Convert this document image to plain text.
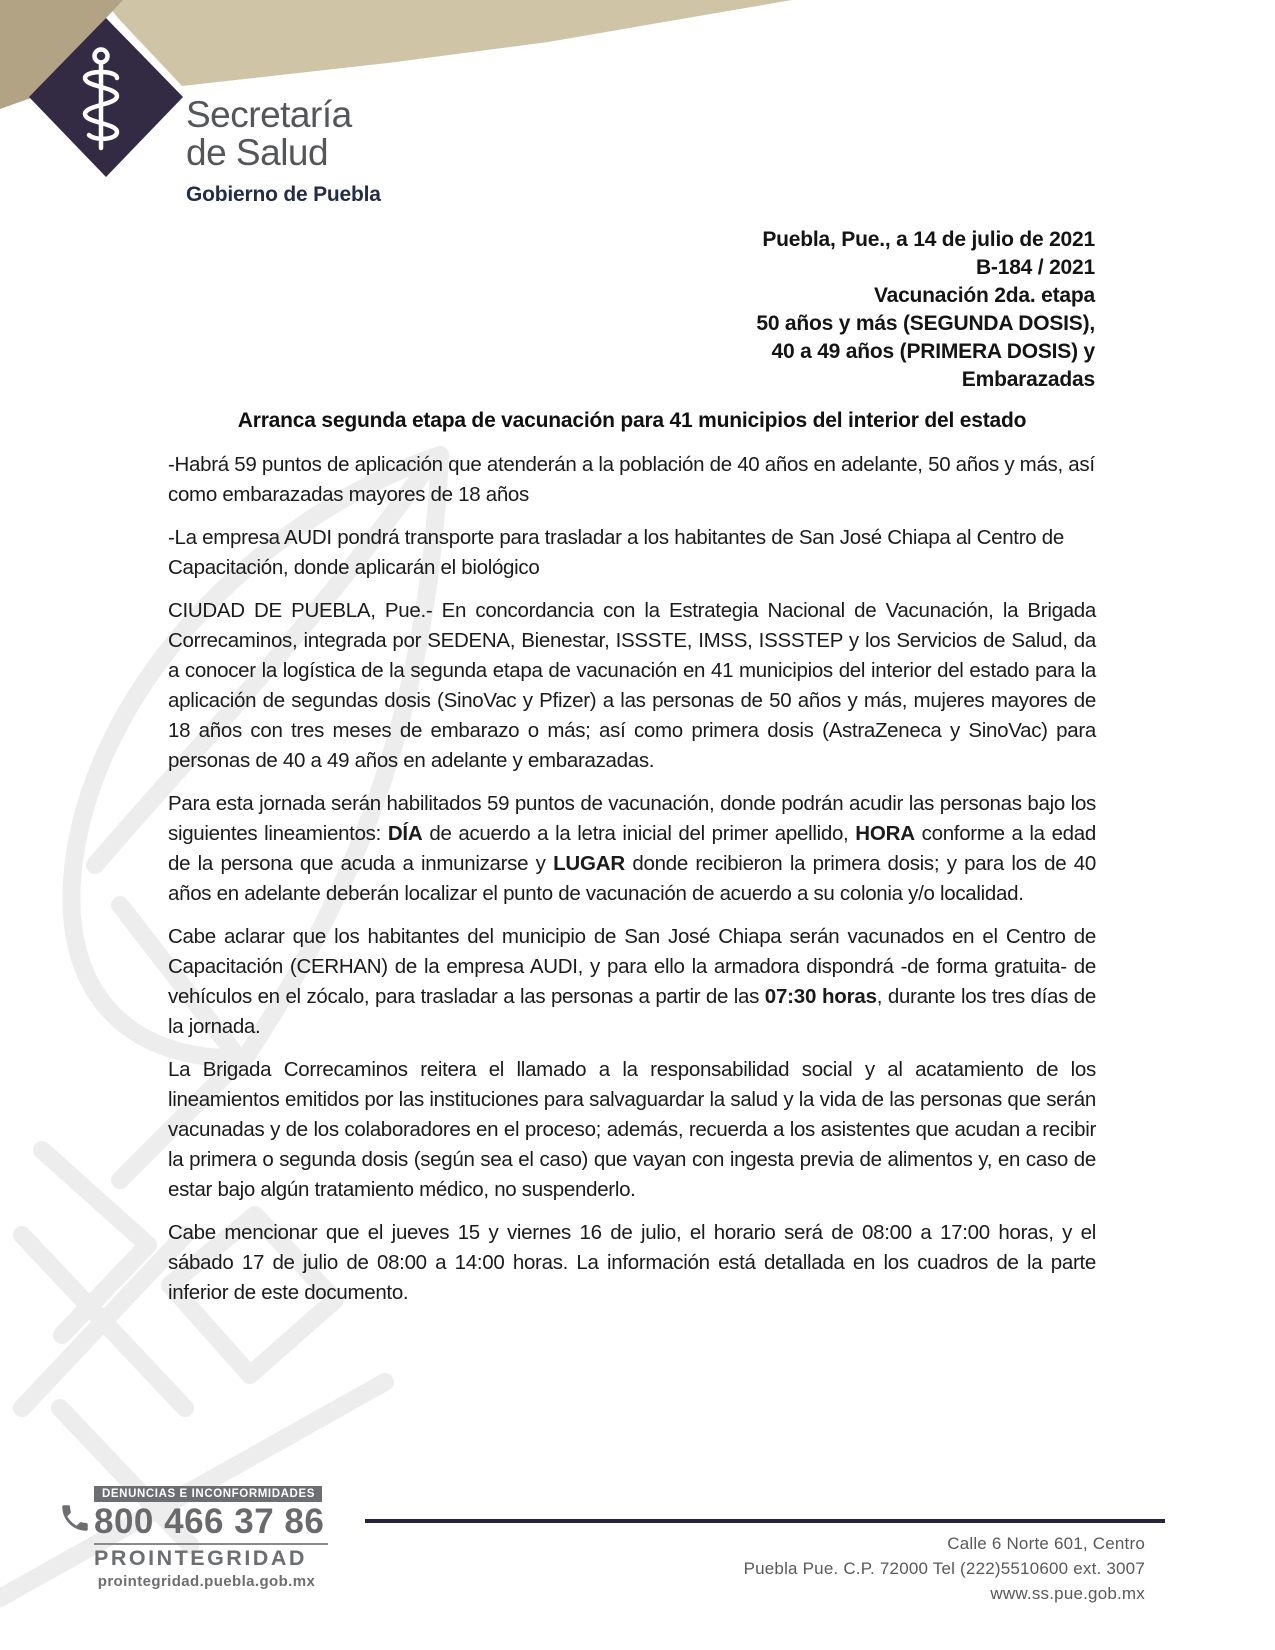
Secretaría
de Salud
Gobierno de Puebla
Puebla, Pue., a 14 de julio de 2021
B-184 / 2021
Vacunación 2da. etapa
50 años y más (SEGUNDA DOSIS),
40 a 49 años (PRIMERA DOSIS) y
Embarazadas
Arranca segunda etapa de vacunación para 41 municipios del interior del estado

-Habrá 59 puntos de aplicación que atenderán a la población de 40 años en adelante, 50 años y más, así como embarazadas mayores de 18 años

-La empresa AUDI pondrá transporte para trasladar a los habitantes de San José Chiapa al Centro de Capacitación, donde aplicarán el biológico

CIUDAD DE PUEBLA, Pue.- En concordancia con la Estrategia Nacional de Vacunación, la Brigada Correcaminos, integrada por SEDENA, Bienestar, ISSSTE, IMSS, ISSSTEP y los Servicios de Salud, da a conocer la logística de la segunda etapa de vacunación en 41 municipios del interior del estado para la aplicación de segundas dosis (SinoVac y Pfizer) a las personas de 50 años y más, mujeres mayores de 18 años con tres meses de embarazo o más; así como primera dosis (AstraZeneca y SinoVac) para personas de 40 a 49 años en adelante y embarazadas.

Para esta jornada serán habilitados 59 puntos de vacunación, donde podrán acudir las personas bajo los siguientes lineamientos: DÍA de acuerdo a la letra inicial del primer apellido, HORA conforme a la edad de la persona que acuda a inmunizarse y LUGAR donde recibieron la primera dosis; y para los de 40 años en adelante deberán localizar el punto de vacunación de acuerdo a su colonia y/o localidad.

Cabe aclarar que los habitantes del municipio de San José Chiapa serán vacunados en el Centro de Capacitación (CERHAN) de la empresa AUDI, y para ello la armadora dispondrá -de forma gratuita- de vehículos en el zócalo, para trasladar a las personas a partir de las 07:30 horas, durante los tres días de la jornada.

La Brigada Correcaminos reitera el llamado a la responsabilidad social y al acatamiento de los lineamientos emitidos por las instituciones para salvaguardar la salud y la vida de las personas que serán vacunadas y de los colaboradores en el proceso; además, recuerda a los asistentes que acudan a recibir la primera o segunda dosis (según sea el caso) que vayan con ingesta previa de alimentos y, en caso de estar bajo algún tratamiento médico, no suspenderlo.

Cabe mencionar que el jueves 15 y viernes 16 de julio, el horario será de 08:00 a 17:00 horas, y el sábado 17 de julio de 08:00 a 14:00 horas. La información está detallada en los cuadros de la parte inferior de este documento.

DENUNCIAS E INCONFORMIDADES
800 466 37 86
PROINTEGRIDAD
prointegridad.puebla.gob.mx
Calle 6 Norte 601, Centro
Puebla Pue. C.P. 72000 Tel (222)5510600 ext. 3007
www.ss.pue.gob.mx
